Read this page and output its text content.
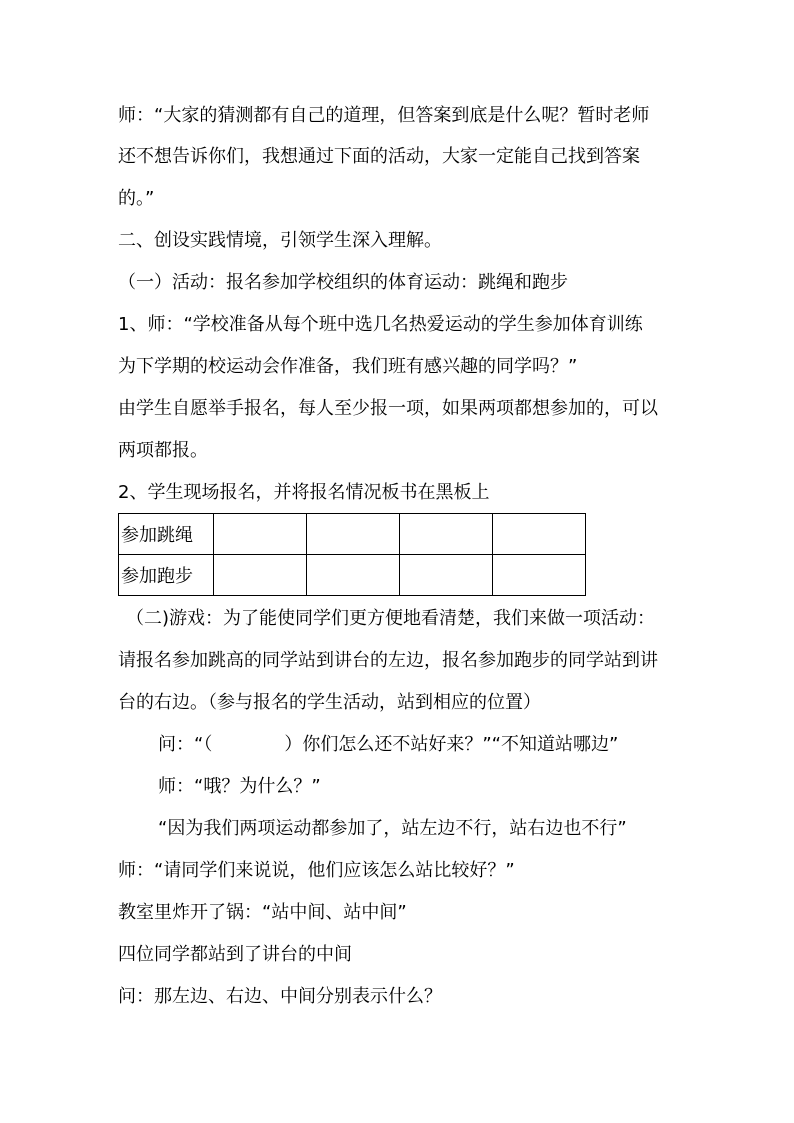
师：“大家的猜测都有自己的道理，但答案到底是什么呢？暂时老师
还不想告诉你们，我想通过下面的活动，大家一定能自己找到答案
的。”
二、创设实践情境，引领学生深入理解。
（一）活动：报名参加学校组织的体育运动：跳绳和跑步
1、师：“学校准备从每个班中选几名热爱运动的学生参加体育训练
为下学期的校运动会作准备，我们班有感兴趣的同学吗？”
由学生自愿举手报名，每人至少报一项，如果两项都想参加的，可以
两项都报。
2、学生现场报名，并将报名情况板书在黑板上
参加跳绳				
参加跑步				
（二)游戏：为了能使同学们更方便地看清楚，我们来做一项活动：
请报名参加跳高的同学站到讲台的左边，报名参加跑步的同学站到讲
台的右边。（参与报名的学生活动，站到相应的位置）
问：“（　　　　）你们怎么还不站好来？”“不知道站哪边”
师：“哦？为什么？”
“因为我们两项运动都参加了，站左边不行，站右边也不行”
师：“请同学们来说说，他们应该怎么站比较好？”
教室里炸开了锅：“站中间、站中间”
四位同学都站到了讲台的中间
问：那左边、右边、中间分别表示什么？
